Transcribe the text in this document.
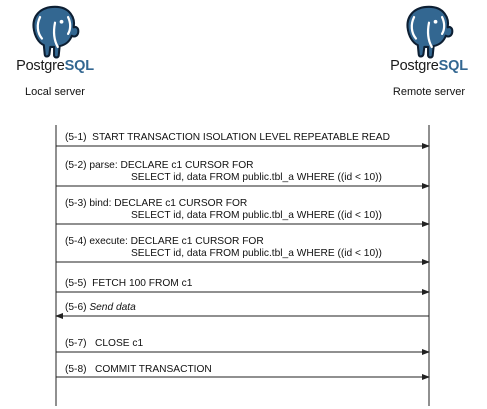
PostgreSQL
Local server
PostgreSQL
Remote server
(5-1)  START TRANSACTION ISOLATION LEVEL REPEATABLE READ
(5-2) parse: DECLARE c1 CURSOR FOR
SELECT id, data FROM public.tbl_a WHERE ((id < 10))
(5-3) bind: DECLARE c1 CURSOR FOR
SELECT id, data FROM public.tbl_a WHERE ((id < 10))
(5-4) execute: DECLARE c1 CURSOR FOR
SELECT id, data FROM public.tbl_a WHERE ((id < 10))
(5-5)  FETCH 100 FROM c1
(5-6) Send data
(5-7)   CLOSE c1
(5-8)   COMMIT TRANSACTION
